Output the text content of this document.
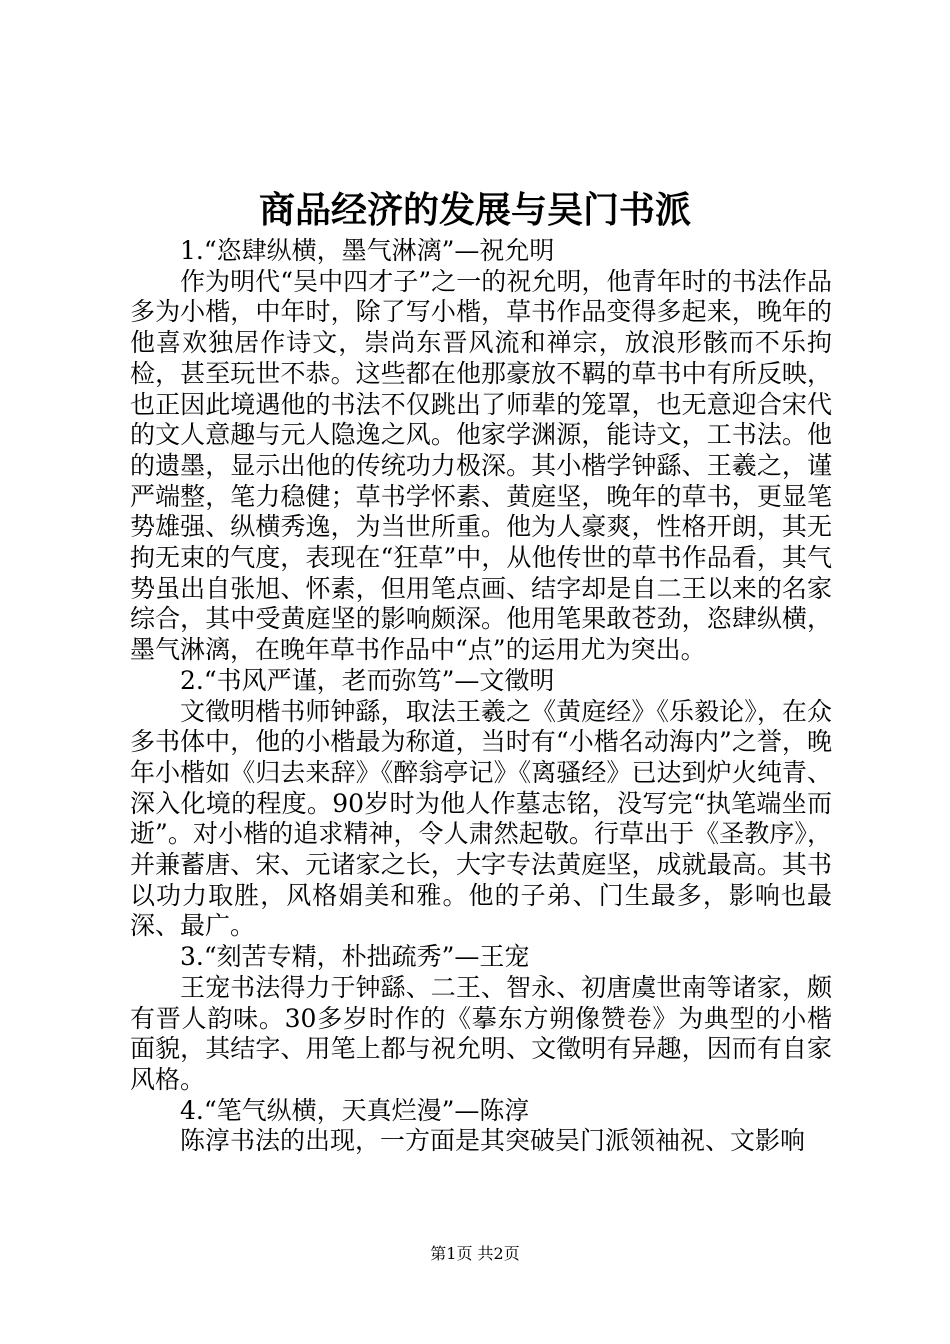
商品经济的发展与吴门书派

1.“恣肆纵横，墨气淋漓”—祝允明

作为明代“吴中四才子”之一的祝允明，他青年时的书法作品多为小楷，中年时，除了写小楷，草书作品变得多起来，晚年的他喜欢独居作诗文，崇尚东晋风流和禅宗，放浪形骸而不乐拘检，甚至玩世不恭。这些都在他那豪放不羁的草书中有所反映，也正因此境遇他的书法不仅跳出了师辈的笼罩，也无意迎合宋代的文人意趣与元人隐逸之风。他家学渊源，能诗文，工书法。他的遗墨，显示出他的传统功力极深。其小楷学钟繇、王羲之，谨严端整，笔力稳健；草书学怀素、黄庭坚，晚年的草书，更显笔势雄强、纵横秀逸，为当世所重。他为人豪爽，性格开朗，其无拘无束的气度，表现在“狂草”中，从他传世的草书作品看，其气势虽出自张旭、怀素，但用笔点画、结字却是自二王以来的名家综合，其中受黄庭坚的影响颇深。他用笔果敢苍劲，恣肆纵横，墨气淋漓，在晚年草书作品中“点”的运用尤为突出。

2.“书风严谨，老而弥笃”—文徵明

文徵明楷书师钟繇，取法王羲之《黄庭经》《乐毅论》，在众多书体中，他的小楷最为称道，当时有“小楷名动海内”之誉，晚年小楷如《归去来辞》《醉翁亭记》《离骚经》已达到炉火纯青、深入化境的程度。90岁时为他人作墓志铭，没写完“执笔端坐而逝”。对小楷的追求精神，令人肃然起敬。行草出于《圣教序》，并兼蓄唐、宋、元诸家之长，大字专法黄庭坚，成就最高。其书以功力取胜，风格娟美和雅。他的子弟、门生最多，影响也最深、最广。

3.“刻苦专精，朴拙疏秀”—王宠

王宠书法得力于钟繇、二王、智永、初唐虞世南等诸家，颇有晋人韵味。30多岁时作的《摹东方朔像赞卷》为典型的小楷面貌，其结字、用笔上都与祝允明、文徵明有异趣，因而有自家风格。

4.“笔气纵横，天真烂漫”—陈淳

陈淳书法的出现，一方面是其突破吴门派领袖祝、文影响

第1页 共2页
